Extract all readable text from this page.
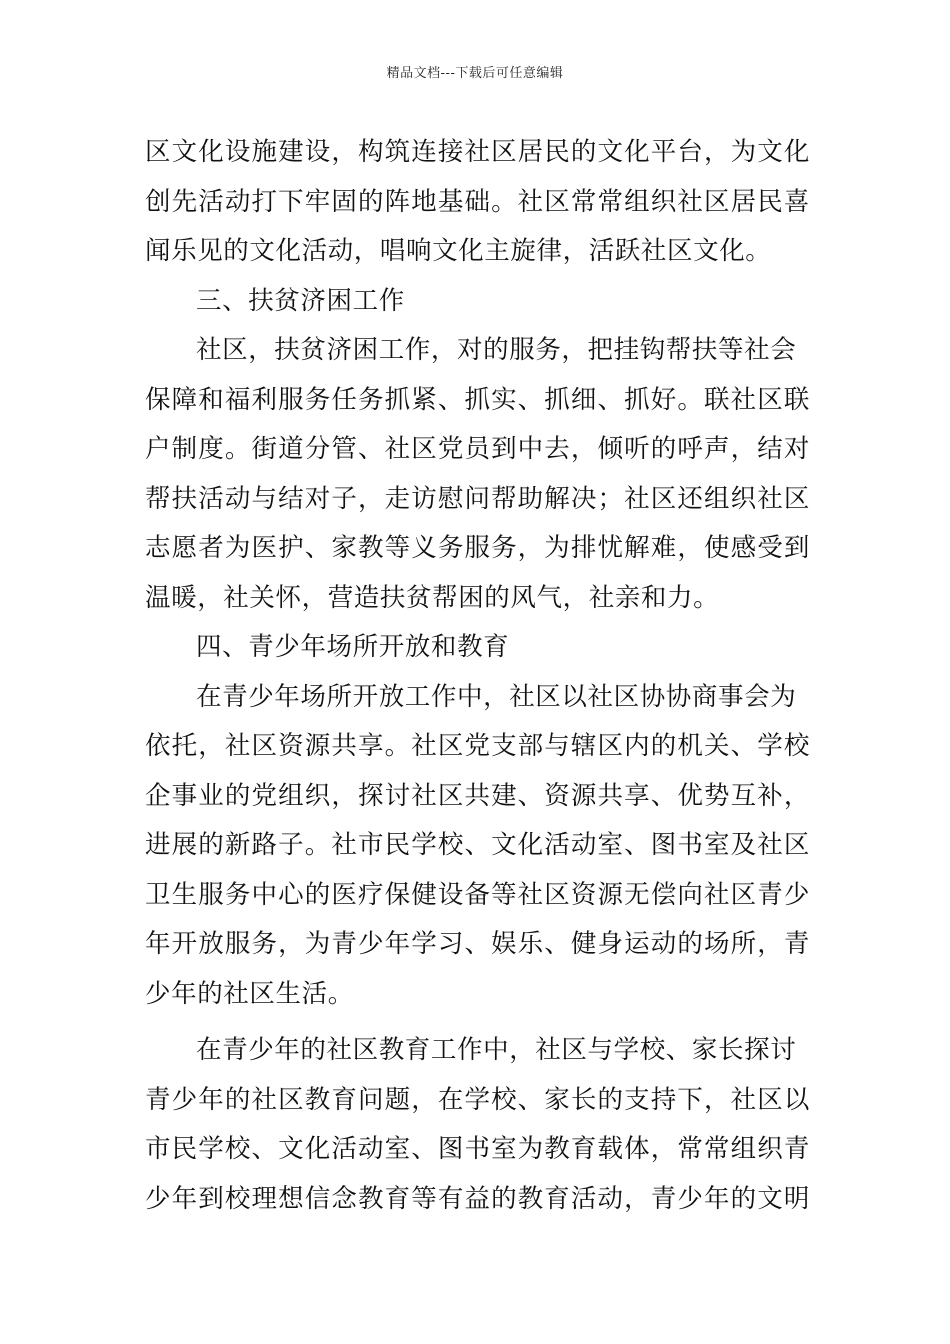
精品文档---下载后可任意编辑
区文化设施建设，构筑连接社区居民的文化平台，为文化
创先活动打下牢固的阵地基础。社区常常组织社区居民喜
闻乐见的文化活动，唱响文化主旋律，活跃社区文化。
三、扶贫济困工作
社区，扶贫济困工作，对的服务，把挂钩帮扶等社会
保障和福利服务任务抓紧、抓实、抓细、抓好。联社区联
户制度。街道分管、社区党员到中去，倾听的呼声，结对
帮扶活动与结对子，走访慰问帮助解决；社区还组织社区
志愿者为医护、家教等义务服务，为排忧解难，使感受到
温暖，社关怀，营造扶贫帮困的风气，社亲和力。
四、青少年场所开放和教育
在青少年场所开放工作中，社区以社区协协商事会为
依托，社区资源共享。社区党支部与辖区内的机关、学校
企事业的党组织，探讨社区共建、资源共享、优势互补，
进展的新路子。社市民学校、文化活动室、图书室及社区
卫生服务中心的医疗保健设备等社区资源无偿向社区青少
年开放服务，为青少年学习、娱乐、健身运动的场所，青
少年的社区生活。
在青少年的社区教育工作中，社区与学校、家长探讨
青少年的社区教育问题，在学校、家长的支持下，社区以
市民学校、文化活动室、图书室为教育载体，常常组织青
少年到校理想信念教育等有益的教育活动，青少年的文明
